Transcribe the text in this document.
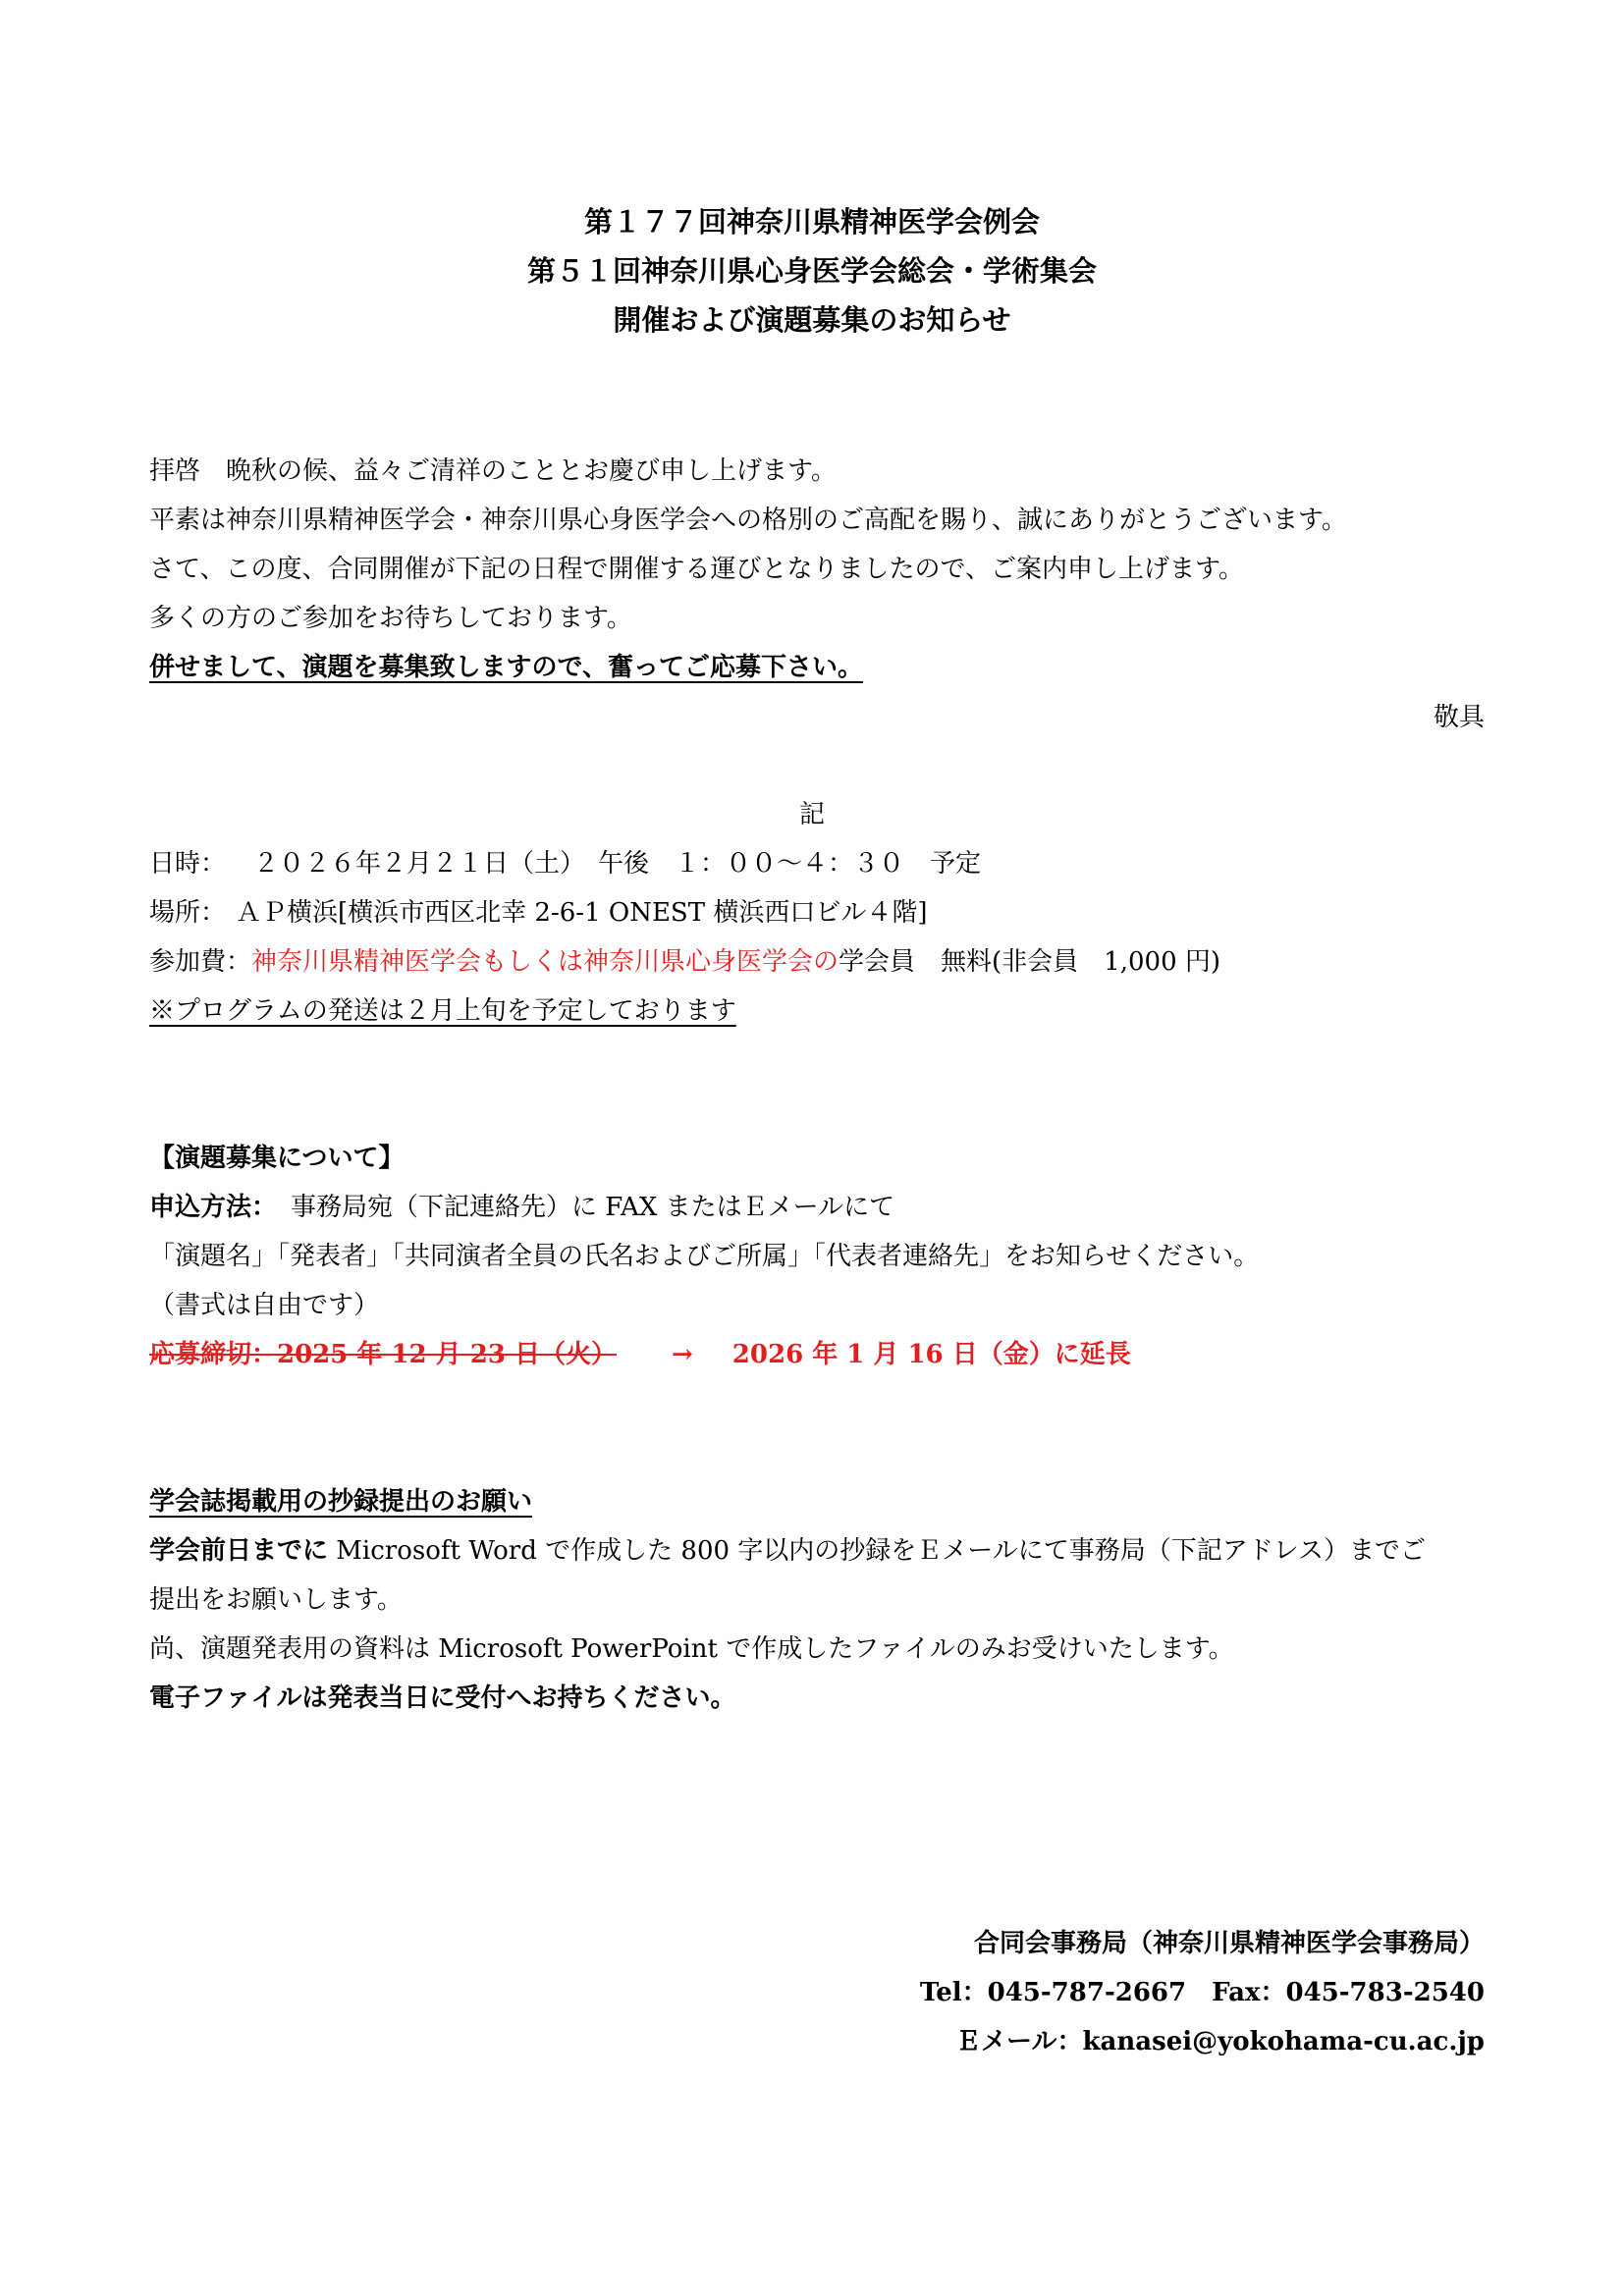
第１７７回神奈川県精神医学会例会
第５１回神奈川県心身医学会総会・学術集会
開催および演題募集のお知らせ
拝啓　晩秋の候、益々ご清祥のこととお慶び申し上げます。
平素は神奈川県精神医学会・神奈川県心身医学会への格別のご高配を賜り、誠にありがとうございます。
さて、この度、合同開催が下記の日程で開催する運びとなりましたので、ご案内申し上げます。
多くの方のご参加をお待ちしております。
併せまして、演題を募集致しますので、奮ってご応募下さい。
敬具
記
日時： ２０２６年２月２１日（土）　午後　１：００～４：３０　予定
場所： ＡＰ横浜[横浜市西区北幸 2-6-1 ONEST 横浜西口ビル４階]
参加費：神奈川県精神医学会もしくは神奈川県心身医学会の学会員　無料(非会員　1,000 円)
※プログラムの発送は２月上旬を予定しております
【演題募集について】
申込方法： 事務局宛（下記連絡先）に FAX またはＥメールにて
「演題名」「発表者」「共同演者全員の氏名およびご所属」「代表者連絡先」をお知らせください。
（書式は自由です）
応募締切：2025 年 12 月 23 日（火） → 2026 年 1 月 16 日（金）に延長
学会誌掲載用の抄録提出のお願い
学会前日までに Microsoft Word で作成した 800 字以内の抄録をＥメールにて事務局（下記アドレス）までご
提出をお願いします。
尚、演題発表用の資料は Microsoft PowerPoint で作成したファイルのみお受けいたします。
電子ファイルは発表当日に受付へお持ちください。
合同会事務局（神奈川県精神医学会事務局）
Tel：045-787-2667 Fax：045-783-2540
Ｅメール：kanasei@yokohama-cu.ac.jp
